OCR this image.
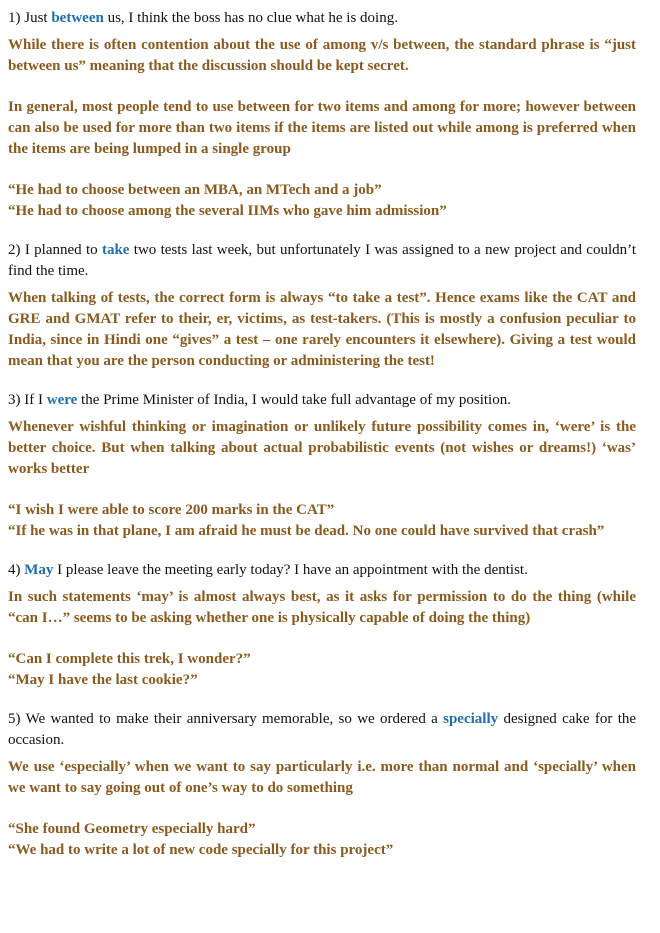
1) Just between us, I think the boss has no clue what he is doing.

While there is often contention about the use of among v/s between, the standard phrase is “just between us” meaning that the discussion should be kept secret.

In general, most people tend to use between for two items and among for more; however between can also be used for more than two items if the items are listed out while among is preferred when the items are being lumped in a single group

“He had to choose between an MBA, an MTech and a job”

“He had to choose among the several IIMs who gave him admission”

2) I planned to take two tests last week, but unfortunately I was assigned to a new project and couldn’t find the time.

When talking of tests, the correct form is always “to take a test”. Hence exams like the CAT and GRE and GMAT refer to their, er, victims, as test-takers. (This is mostly a confusion peculiar to India, since in Hindi one “gives” a test – one rarely encounters it elsewhere). Giving a test would mean that you are the person conducting or administering the test!

3) If I were the Prime Minister of India, I would take full advantage of my position.

Whenever wishful thinking or imagination or unlikely future possibility comes in, ‘were’ is the better choice. But when talking about actual probabilistic events (not wishes or dreams!) ‘was’ works better

“I wish I were able to score 200 marks in the CAT”

“If he was in that plane, I am afraid he must be dead. No one could have survived that crash”

4) May I please leave the meeting early today? I have an appointment with the dentist.

In such statements ‘may’ is almost always best, as it asks for permission to do the thing (while “can I…” seems to be asking whether one is physically capable of doing the thing)

“Can I complete this trek, I wonder?”

“May I have the last cookie?”

5) We wanted to make their anniversary memorable, so we ordered a specially designed cake for the occasion.

We use ‘especially’ when we want to say particularly i.e. more than normal and ‘specially’ when we want to say going out of one’s way to do something

“She found Geometry especially hard”

“We had to write a lot of new code specially for this project”
